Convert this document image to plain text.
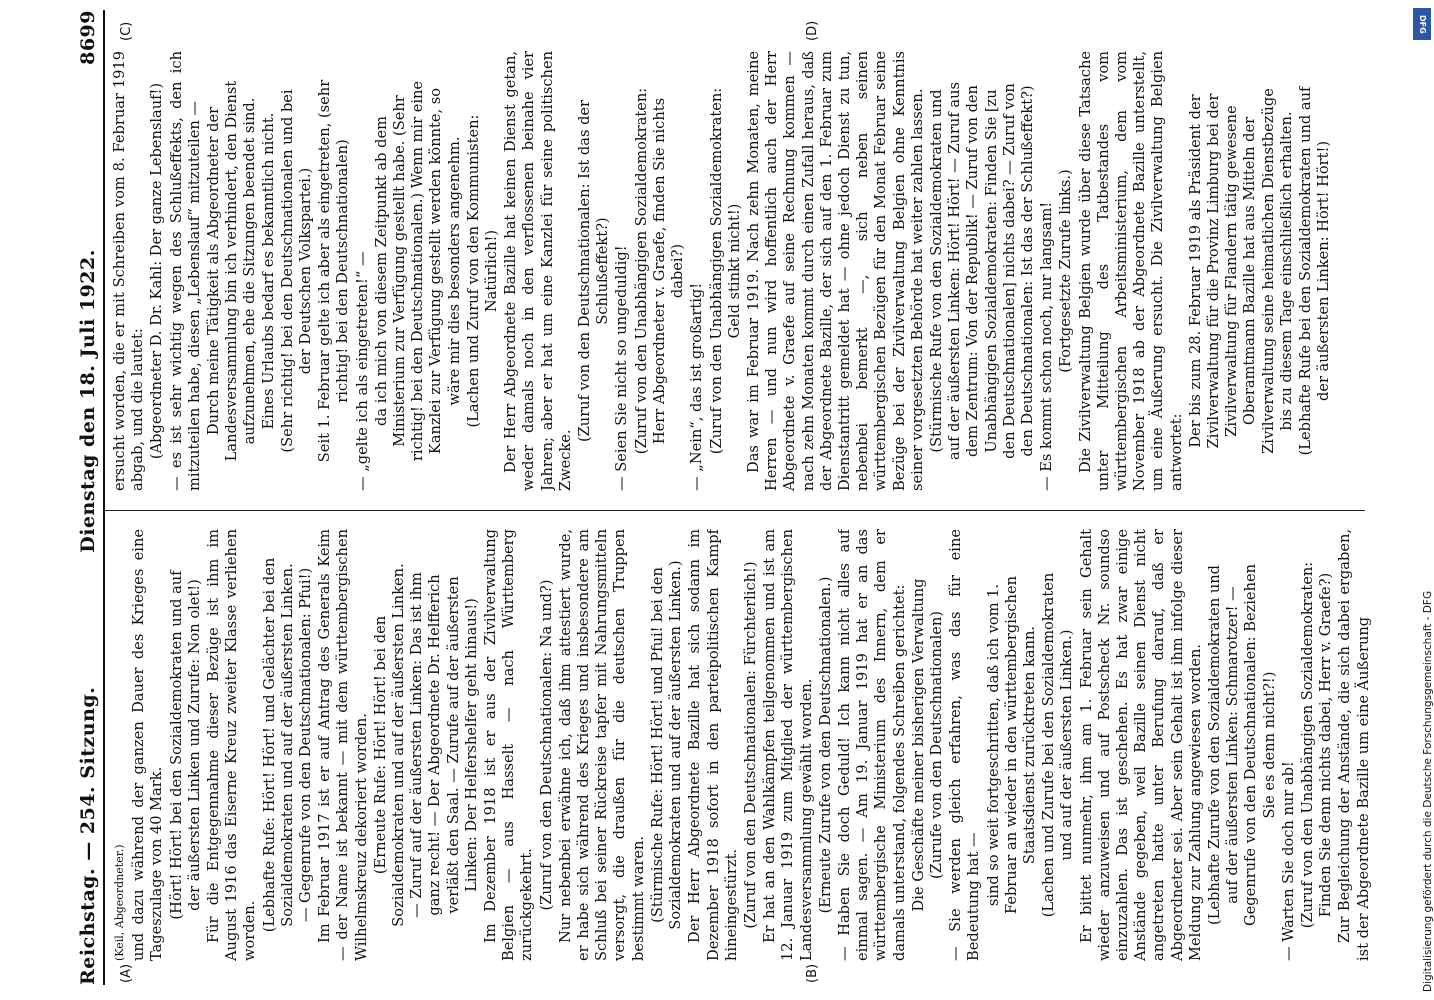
Reichstag. — 254. Sitzung.
Dienstag den 18. Juli 1922.  8699
(A)	(B)
(C)	(D)

(Keil, Abgeordneter.) und dazu während der ganzen Dauer des Krieges eine Tageszulage von 40 Mark. (Hört! Hört! bei den Sozialdemokraten und auf der äußersten Linken und Zurufe: Non olet!) Für die Entgegennahme dieser Bezüge ist ihm im August 1916 das Eiserne Kreuz zweiter Klasse verliehen worden. (Lebhafte Rufe: Hört! Hört! und Gelächter bei den Sozialdemokraten und auf der äußersten Linken. — Gegenrufe von den Deutschnationalen: Pfui!) Im Februar 1917 ist er auf Antrag des Generals Keim — der Name ist bekannt — mit dem württembergischen Wilhelmskreuz dekoriert worden. (Erneute Rufe: Hört! Hört! bei den Sozialdemokraten und auf der äußersten Linken. — Zuruf auf der äußersten Linken: Das ist ihm ganz recht! — Der Abgeordnete Dr. Helfferich verläßt den Saal. — Zurufe auf der äußersten Linken: Der Helfershelfer geht hinaus!) Im Dezember 1918 ist er aus der Zivilverwaltung Belgien — aus Hasselt — nach Württemberg zurückgekehrt. (Zuruf von den Deutschnationalen: Na und?) Nur nebenbei erwähne ich, daß ihm attestiert wurde, er habe sich während des Krieges und insbesondere am Schluß bei seiner Rückreise tapfer mit Nahrungsmitteln versorgt, die draußen für die deutschen Truppen bestimmt waren. (Stürmische Rufe: Hört! Hört! und Pfui! bei den Sozialdemokraten und auf der äußersten Linken.) Der Herr Abgeordnete Bazille hat sich sodann im Dezember 1918 sofort in den parteipolitischen Kampf hineingestürzt. (Zuruf von den Deutschnationalen: Fürchterlich!) Er hat an den Wahlkämpfen teilgenommen und ist am 12. Januar 1919 zum Mitglied der württembergischen Landesversammlung gewählt worden. (Erneute Zurufe von den Deutschnationalen.) — Haben Sie doch Geduld! Ich kann nicht alles auf einmal sagen. — Am 19. Januar 1919 hat er an das württembergische Ministerium des Innern, dem er damals unterstand, folgendes Schreiben gerichtet: Die Geschäfte meiner bisherigen Verwaltung (Zurufe von den Deutschnationalen) — Sie werden gleich erfahren, was das für eine Bedeutung hat — sind so weit fortgeschritten, daß ich vom 1. Februar an wieder in den württembergischen Staatsdienst zurücktreten kann. (Lachen und Zurufe bei den Sozialdemokraten und auf der äußersten Linken.) Er bittet nunmehr, ihm am 1. Februar sein Gehalt wieder anzuweisen und auf Postscheck Nr. soundso einzuzahlen. Das ist geschehen. Es hat zwar einige Anstände gegeben, weil Bazille seinen Dienst nicht angetreten hatte unter Berufung darauf, daß er Abgeordneter sei. Aber sein Gehalt ist ihm infolge dieser Meldung zur Zahlung angewiesen worden. (Lebhafte Zurufe von den Sozialdemokraten und auf der äußersten Linken: Schmarotzer! — Gegenrufe von den Deutschnationalen: Beziehen Sie es denn nicht?!)

— Warten Sie doch nur ab! (Zuruf von den Unabhängigen Sozialdemokraten: Finden Sie denn nichts dabei, Herr v. Graefe?) Zur Begleichung der Anstände, die sich dabei ergaben, ist der Abgeordnete Bazille um eine Äußerung

ersucht worden, die er mit Schreiben vom 8. Februar 1919 abgab, und die lautet: (Abgeordneter D. Dr. Kahl: Der ganze Lebenslauf!) — es ist sehr wichtig wegen des Schlußeffekts, den ich mitzuteilen habe, diesen „Lebenslauf“ mitzuteilen — Durch meine Tätigkeit als Abgeordneter der Landesversammlung bin ich verhindert, den Dienst aufzunehmen, ehe die Sitzungen beendet sind. Eines Urlaubs bedarf es bekanntlich nicht. (Sehr richtig! bei den Deutschnationalen und bei der Deutschen Volkspartei.) Seit 1. Februar gelte ich aber als eingetreten, (sehr richtig! bei den Deutschnationalen) — „gelte ich als eingetreten!“ — da ich mich von diesem Zeitpunkt ab dem Ministerium zur Verfügung gestellt habe. (Sehr richtig! bei den Deutschnationalen.) Wenn mir eine Kanzlei zur Verfügung gestellt werden könnte, so wäre mir dies besonders angenehm. (Lachen und Zuruf von den Kommunisten: Natürlich!) Der Herr Abgeordnete Bazille hat keinen Dienst getan, weder damals noch in den verflossenen beinahe vier Jahren; aber er hat um eine Kanzlei für seine politischen Zwecke.

(Zuruf von den Deutschnationalen: Ist das der Schlußeffekt?) — Seien Sie nicht so ungeduldig! (Zuruf von den Unabhängigen Sozialdemokraten: Herr Abgeordneter v. Graefe, finden Sie nichts dabei?)

— „Nein“, das ist großartig! (Zuruf von den Unabhängigen Sozialdemokraten: Geld stinkt nicht!) Das war im Februar 1919. Nach zehn Monaten, meine Herren — und nun wird hoffentlich auch der Herr Abgeordnete v. Graefe auf seine Rechnung kommen — nach zehn Monaten kommt durch einen Zufall heraus, daß der Abgeordnete Bazille, der sich auf den 1. Februar zum Dienstantritt gemeldet hat — ohne jedoch Dienst zu tun, nebenbei bemerkt —, sich neben seinen württembergischen Bezügen für den Monat Februar seine Bezüge bei der Zivilverwaltung Belgien ohne Kenntnis seiner vorgesetzten Behörde hat weiter zahlen lassen. (Stürmische Rufe von den Sozialdemokraten und auf der äußersten Linken: Hört! Hört! — Zuruf aus dem Zentrum: Von der Republik! — Zuruf von den Unabhängigen Sozialdemokraten: Finden Sie [zu den Deutschnationalen] nichts dabei? — Zuruf von den Deutschnationalen: Ist das der Schlußeffekt?) — Es kommt schon noch, nur langsam! (Fortgesetzte Zurufe links.) Die Zivilverwaltung Belgien wurde über diese Tatsache unter Mitteilung des Tatbestandes vom württembergischen Arbeitsministerium, dem vom November 1918 ab der Abgeordnete Bazille unterstellt, um eine Äußerung ersucht. Die Zivilverwaltung Belgien antwortet:

Der bis zum 28. Februar 1919 als Präsident der Zivilverwaltung für die Provinz Limburg bei der Zivilverwaltung für Flandern tätig gewesene Oberamtmann Bazille hat aus Mitteln der Zivilverwaltung seine heimatlichen Dienstbezüge bis zu diesem Tage einschließlich erhalten. (Lebhafte Rufe bei den Sozialdemokraten und auf der äußersten Linken: Hört! Hört!)

DFG
Digitalisierung gefördert durch die Deutsche Forschungsgemeinschaft - DFG
